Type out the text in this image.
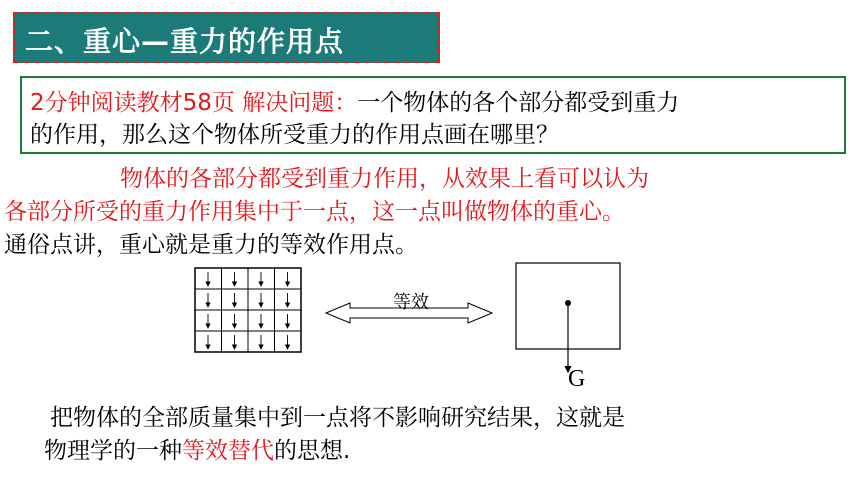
二、重心—重力的作用点
2分钟阅读教材58页 解决问题：一个物体的各个部分都受到重力
的作用，那么这个物体所受重力的作用点画在哪里？
物体的各部分都受到重力作用，从效果上看可以认为
各部分所受的重力作用集中于一点，这一点叫做物体的重心。
通俗点讲，重心就是重力的等效作用点。
等效
G
把物体的全部质量集中到一点将不影响研究结果，这就是
物理学的一种等效替代的思想.
